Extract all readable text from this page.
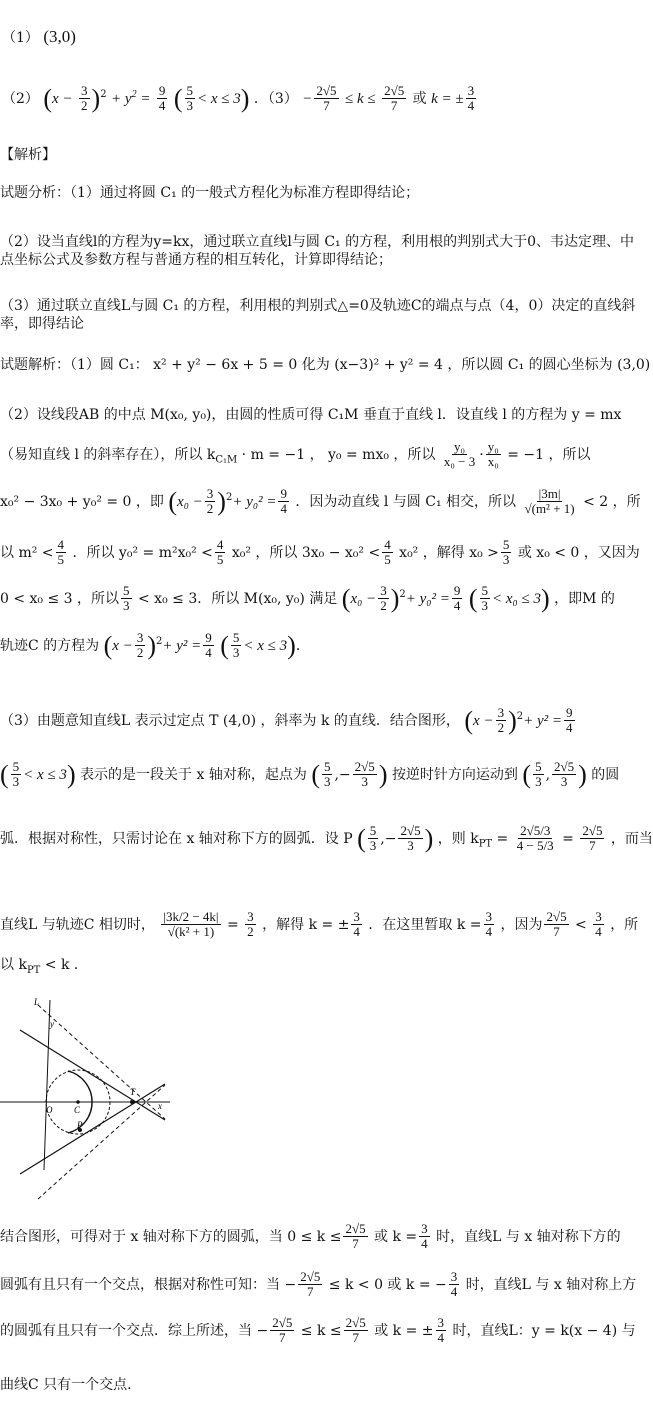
（1） (3,0)
（2） $(x - \frac{3}{2} )^2 + y^2 = \frac{9}{4}$ ( $\frac{5}{3} < x \le 3$) ．$(3) - \frac{2√5}{7} \le k \le \frac{2√5}{7}$ 或 k = ± $\frac{3}{4}$
【解析】
试题分析：（1）通过将圆 C₁ 的一般式方程化为标准方程即得结论；
（2）设当直线l的方程为y=kx，通过联立直线l与圆 C₁ 的方程，利用根的判别式大于0、韦达定理、中
点坐标公式及参数方程与普通方程的相互转化，计算即得结论；
（3）通过联立直线L与圆 C₁ 的方程，利用根的判别式△=0及轨迹C的端点与点（4，0）决定的直线斜
率，即得结论
试题解析：（1）圆 C₁： x² + y² − 6x + 5 = 0 化为 (x−3)² + y² = 4 ，所以圆 C₁ 的圆心坐标为 (3,0)
（2）设线段AB 的中点 M(x₀, y₀)，由圆的性质可得 C₁M 垂直于直线 l．设直线 l 的方程为 y = mx
（易知直线 l 的斜率存在），所以 $k_{C_1M} \cdot m = -1$ ， y₀ = mx₀ ，所以 $\frac{\text{y₀}}{\text{x₀ − 3}} \cdot \frac{\text{y₀}}{\text{x₀}} = -1$ ，所以
x₀² − 3x₀ + y₀² = 0 ，即 $(x_0 - \frac{3}{2} )^2+ y_0^2 = \frac{9}{4}$ ．因为动直线 l 与圆 C₁ 相交，所以 $\frac{|3m|}{\text{√(m² + 1)}} < 2$ ，所
以 $m^2 < \frac{4}{5}$ ．所以 $y_0^2 = m^2x_0^2 < \frac{4}{5} x_0^2$ ，所以 $3x_0 - x_0^2 < \frac{4}{5} x_0^2$ ，解得 $x_0 > \frac{5}{3}$ 或 x₀ < 0 ，又因为
0 < x₀ ≤ 3 ，所以 $\frac{5}{3} < x_0 \le 3$．所以 M(x₀, y₀) 满足 $(x_0 - \frac{3}{2} )^2+ y_0^2 = \frac{9}{4}$ ( $\frac{5}{3} < x_0 \le 3$) ，即M 的
轨迹C 的方程为 $(x - \frac{3}{2} )^2+ y^2 = \frac{9}{4}$ ( $\frac{5}{3} < x \le 3$)．
（3）由题意知直线L 表示过定点 T (4,0) ，斜率为 k 的直线．结合图形， $(x - \frac{3}{2} )^2+ y^2 = \frac{9}{4}$
( $\frac{5}{3} < x \le 3$) 表示的是一段关于 x 轴对称，起点为 ( $\frac{5}{3}$ ,− $\frac{2√5}{3}$ ) 按逆时针方向运动到 ( $\frac{5}{3}$ , $\frac{2√5}{3}$ ) 的圆
弧．根据对称性，只需讨论在 x 轴对称下方的圆弧．设 P ( $\frac{5}{3}$ ,− $\frac{2√5}{3}$ ) ，则 $k_{PT} = \frac{2√5/3}{4 - 5/3} = \frac{2√5}{7}$ ，而当
直线L 与轨迹C 相切时， $\frac{|3k/2 - 4k|}{\text{√(k² + 1)}} = \frac{3}{2}$ ，解得 k = ± $\frac{3}{4}$ ．在这里暂取 $k = \frac{3}{4}$ ，因为 $\frac{2√5}{7} < \frac{3}{4}$ ，所
以 $k_{PT} < k$ ．
L
y
O C
T
P
x
结合图形，可得对于 x 轴对称下方的圆弧，当 $0 \le k \le \frac{2√5}{7}$ 或 $k = \frac{3}{4}$ 时，直线L 与 x 轴对称下方的
圆弧有且只有一个交点，根据对称性可知：当 − $\frac{2√5}{7} \le k < 0$ 或 k = − $\frac{3}{4}$ 时，直线L 与 x 轴对称上方
的圆弧有且只有一个交点．综上所述，当 − $\frac{2√5}{7} \le k \le \frac{2√5}{7}$ 或 k = ± $\frac{3}{4}$ 时，直线L：y = k(x − 4) 与
曲线C 只有一个交点.
